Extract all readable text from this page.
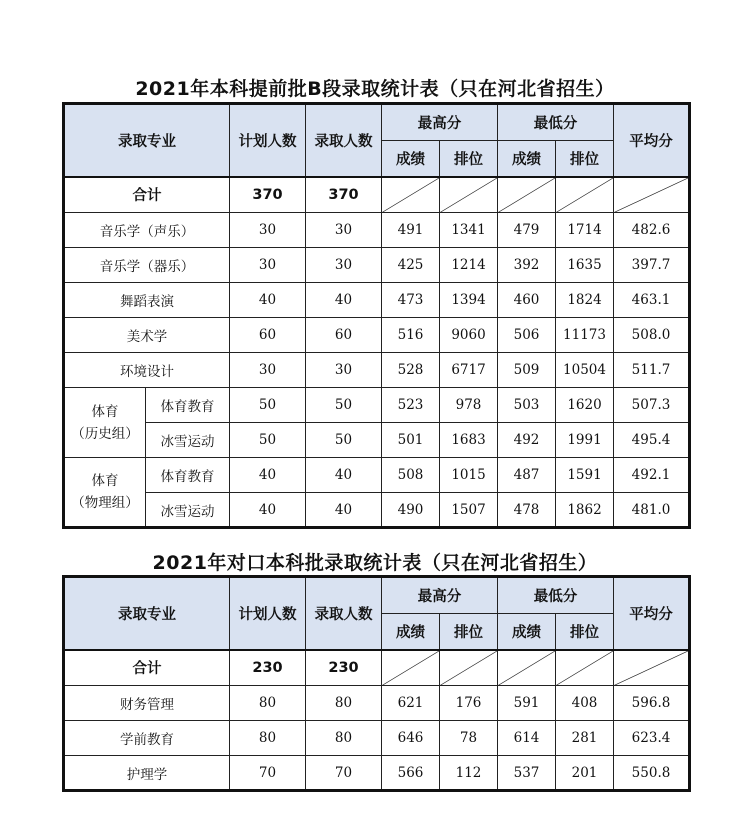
2021年本科提前批B段录取统计表（只在河北省招生）
录取专业		计划人数	录取人数	最高分		最低分		平均分
				成绩	排位	成绩	排位	
合计		370	370	

音乐学（声乐）		30	30	491	1341	479	1714	482.6
音乐学（器乐）		30	30	425	1214	392	1635	397.7
舞蹈表演		40	40	473	1394	460	1824	463.1
美术学		60	60	516	9060	506	11173	508.0
环境设计		30	30	528	6717	509	10504	511.7

体育
（历史组）	体育教育	50	50	523	978	503	1620	507.3
	冰雪运动	50	50	501	1683	492	1991	495.4

体育
（物理组）	体育教育	40	40	508	1015	487	1591	492.1
	冰雪运动	40	40	490	1507	478	1862	481.0
2021年对口本科批录取统计表（只在河北省招生）
录取专业	计划人数	录取人数	最高分		最低分		平均分
			成绩	排位	成绩	排位	
合计	230	230	

财务管理	80	80	621	176	591	408	596.8
学前教育	80	80	646	78	614	281	623.4
护理学	70	70	566	112	537	201	550.8
